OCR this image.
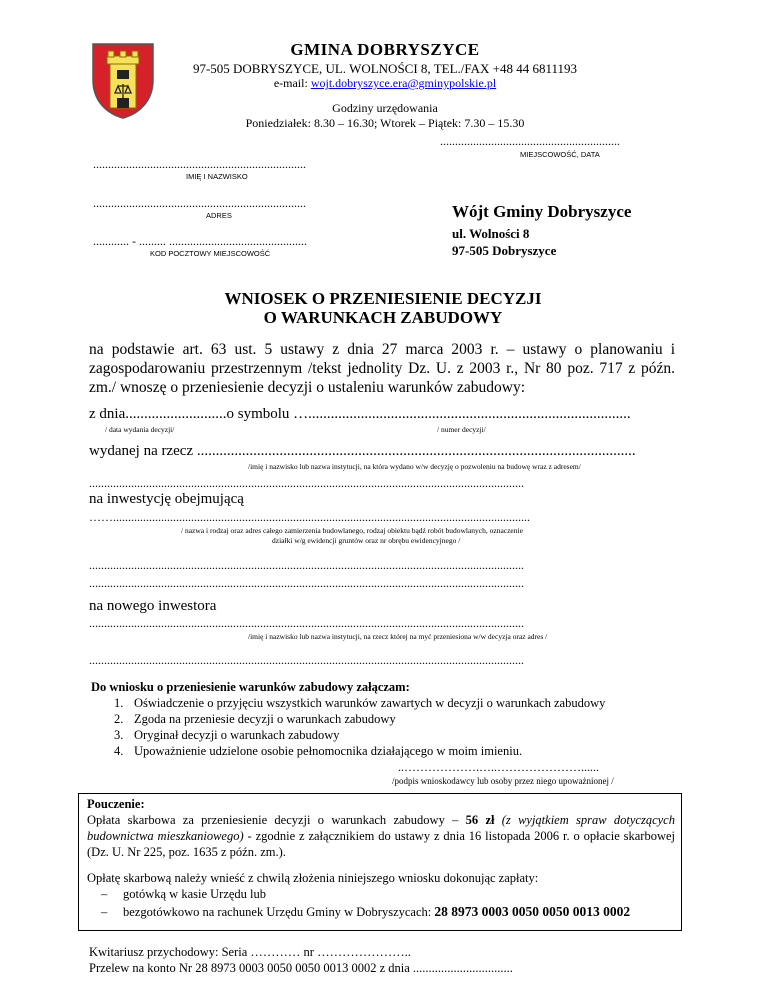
GMINA DOBRYSZYCE
97-505 DOBRYSZYCE, UL. WOLNOŚCI 8, TEL./FAX +48 44 6811193
e-mail: wojt.dobryszyce.era@gminypolskie.pl
Godziny urzędowania
Poniedziałek: 8.30 – 16.30; Wtorek – Piątek: 7.30 – 15.30
............................................................
MIEJSCOWOŚĆ, DATA
.......................................................................
IMIĘ I NAZWISKO
.......................................................................
ADRES
............ - ......... ..............................................
KOD POCZTOWY MIEJSCOWOŚĆ
Wójt Gminy Dobryszyce
ul. Wolności 8
97-505 Dobryszyce
WNIOSEK O PRZENIESIENIE DECYZJI
O WARUNKACH ZABUDOWY
na podstawie art. 63 ust. 5 ustawy z dnia 27 marca 2003 r. – ustawy o planowaniu i zagospodarowaniu przestrzennym /tekst jednolity Dz. U. z 2003 r., Nr 80 poz. 717 z późn. zm./ wnoszę o przeniesienie decyzji o ustaleniu warunków zabudowy:
z dnia...........................o symbolu …......................................................................................
/ data wydania decyzji/	/ numer decyzji/
wydanej na rzecz .....................................................................................................................
/imię i nazwisko lub nazwa instytucji, na która wydano w/w decyzję o pozwoleniu na budowę wraz z adresem/
.................................................................................................................................................
na inwestycję obejmującą
……...........................................................................................................................................
/ nazwa i rodzaj oraz adres całego zamierzenia budowlanego, rodzaj obiektu bądź robót budowlanych, oznaczenie
działki w/g ewidencji gruntów oraz nr obrębu ewidencyjnego /
.................................................................................................................................................
.................................................................................................................................................
na nowego inwestora
.................................................................................................................................................
/imię i nazwisko lub nazwa instytucji, na rzecz której na myć przeniesiona w/w decyzja oraz adres /
.................................................................................................................................................
Do wniosku o przeniesienie warunków zabudowy załączam:
1. Oświadczenie o przyjęciu wszystkich warunków zawartych w decyzji o warunkach zabudowy
2. Zgoda na przeniesie decyzji o warunkach zabudowy
3. Oryginał decyzji o warunkach zabudowy
4. Upoważnienie udzielone osobie pełnomocnika działającego w moim imieniu.
..……………….…..…………………......
/podpis wnioskodawcy lub osoby przez niego upoważnionej /
Pouczenie:
Opłata skarbowa za przeniesienie decyzji o warunkach zabudowy – 56 zł (z wyjątkiem spraw dotyczących budownictwa mieszkaniowego) - zgodnie z załącznikiem do ustawy z dnia 16 listopada 2006 r. o opłacie skarbowej (Dz. U. Nr 225, poz. 1635 z późn. zm.).
Opłatę skarbową należy wnieść z chwilą złożenia niniejszego wniosku dokonując zapłaty:
– gotówką w kasie Urzędu lub
– bezgotówkowo na rachunek Urzędu Gminy w Dobryszycach: 28 8973 0003 0050 0050 0013 0002
Kwitariusz przychodowy: Seria ………… nr …………………..
Przelew na konto Nr 28 8973 0003 0050 0050 0013 0002 z dnia ................................
